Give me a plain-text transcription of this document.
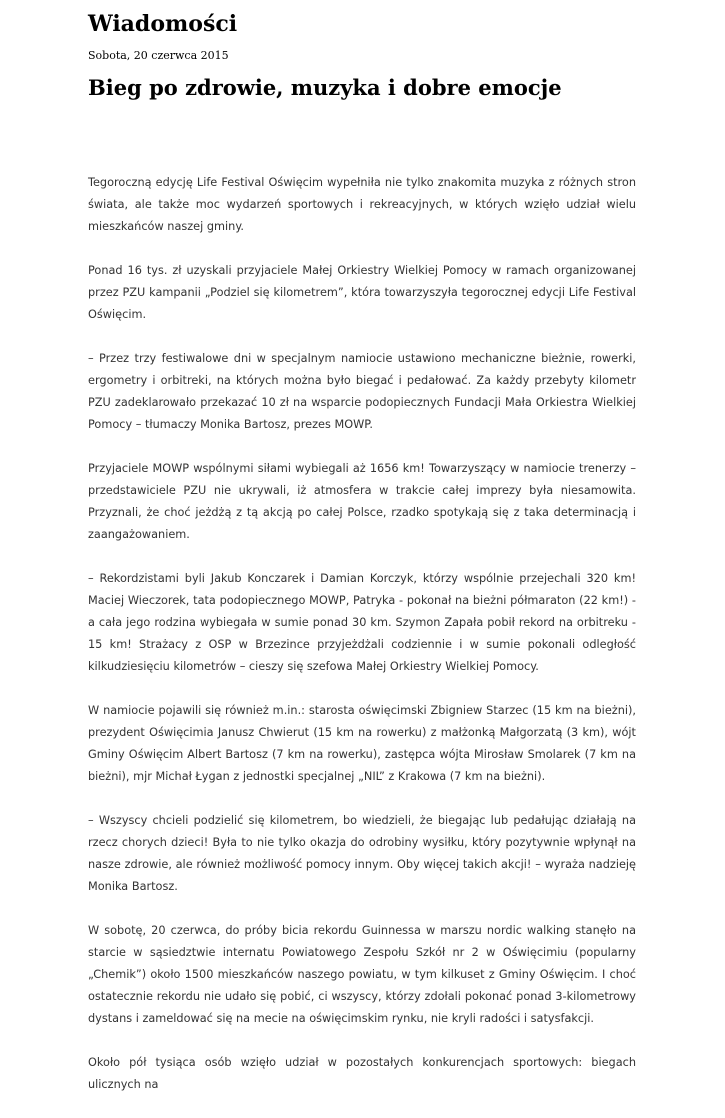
Wiadomości

Sobota, 20 czerwca 2015

Bieg po zdrowie, muzyka i dobre emocje

Tegoroczną edycję Life Festival Oświęcim wypełniła nie tylko znakomita muzyka z różnych stron świata, ale także moc wydarzeń sportowych i rekreacyjnych, w których wzięło udział wielu mieszkańców naszej gminy.

Ponad 16 tys. zł uzyskali przyjaciele Małej Orkiestry Wielkiej Pomocy w ramach organizowanej przez PZU kampanii „Podziel się kilometrem”, która towarzyszyła tegorocznej edycji Life Festival Oświęcim.

– Przez trzy festiwalowe dni w specjalnym namiocie ustawiono mechaniczne bieżnie, rowerki, ergometry i orbitreki, na których można było biegać i pedałować. Za każdy przebyty kilometr PZU zadeklarowało przekazać 10 zł na wsparcie podopiecznych Fundacji Mała Orkiestra Wielkiej Pomocy – tłumaczy Monika Bartosz, prezes MOWP.

Przyjaciele MOWP wspólnymi siłami wybiegali aż 1656 km! Towarzyszący w namiocie trenerzy – przedstawiciele PZU nie ukrywali, iż atmosfera w trakcie całej imprezy była niesamowita. Przyznali, że choć jeżdżą z tą akcją po całej Polsce, rzadko spotykają się z taka determinacją i zaangażowaniem.

– Rekordzistami byli Jakub Konczarek i Damian Korczyk, którzy wspólnie przejechali 320 km! Maciej Wieczorek, tata podopiecznego MOWP, Patryka - pokonał na bieżni półmaraton (22 km!) - a cała jego rodzina wybiegała w sumie ponad 30 km. Szymon Zapała pobił rekord na orbitreku - 15 km! Strażacy z OSP w Brzezince przyjeżdżali codziennie i w sumie pokonali odległość kilkudziesięciu kilometrów – cieszy się szefowa Małej Orkiestry Wielkiej Pomocy.

W namiocie pojawili się również m.in.: starosta oświęcimski Zbigniew Starzec (15 km na bieżni), prezydent Oświęcimia Janusz Chwierut (15 km na rowerku) z małżonką Małgorzatą (3 km), wójt Gminy Oświęcim Albert Bartosz (7 km na rowerku), zastępca wójta Mirosław Smolarek (7 km na bieżni), mjr Michał Łygan z jednostki specjalnej „NIL” z Krakowa (7 km na bieżni).

– Wszyscy chcieli podzielić się kilometrem, bo wiedzieli, że biegając lub pedałując działają na rzecz chorych dzieci! Była to nie tylko okazja do odrobiny wysiłku, który pozytywnie wpłynął na nasze zdrowie, ale również możliwość pomocy innym. Oby więcej takich akcji! – wyraża nadzieję Monika Bartosz.

W sobotę, 20 czerwca, do próby bicia rekordu Guinnessa w marszu nordic walking stanęło na starcie w sąsiedztwie internatu Powiatowego Zespołu Szkół nr 2 w Oświęcimiu (popularny „Chemik”) około 1500 mieszkańców naszego powiatu, w tym kilkuset z Gminy Oświęcim. I choć ostatecznie rekordu nie udało się pobić, ci wszyscy, którzy zdołali pokonać ponad 3-kilometrowy dystans i zameldować się na mecie na oświęcimskim rynku, nie kryli radości i satysfakcji.

Około pół tysiąca osób wzięło udział w pozostałych konkurencjach sportowych: biegach ulicznych na
